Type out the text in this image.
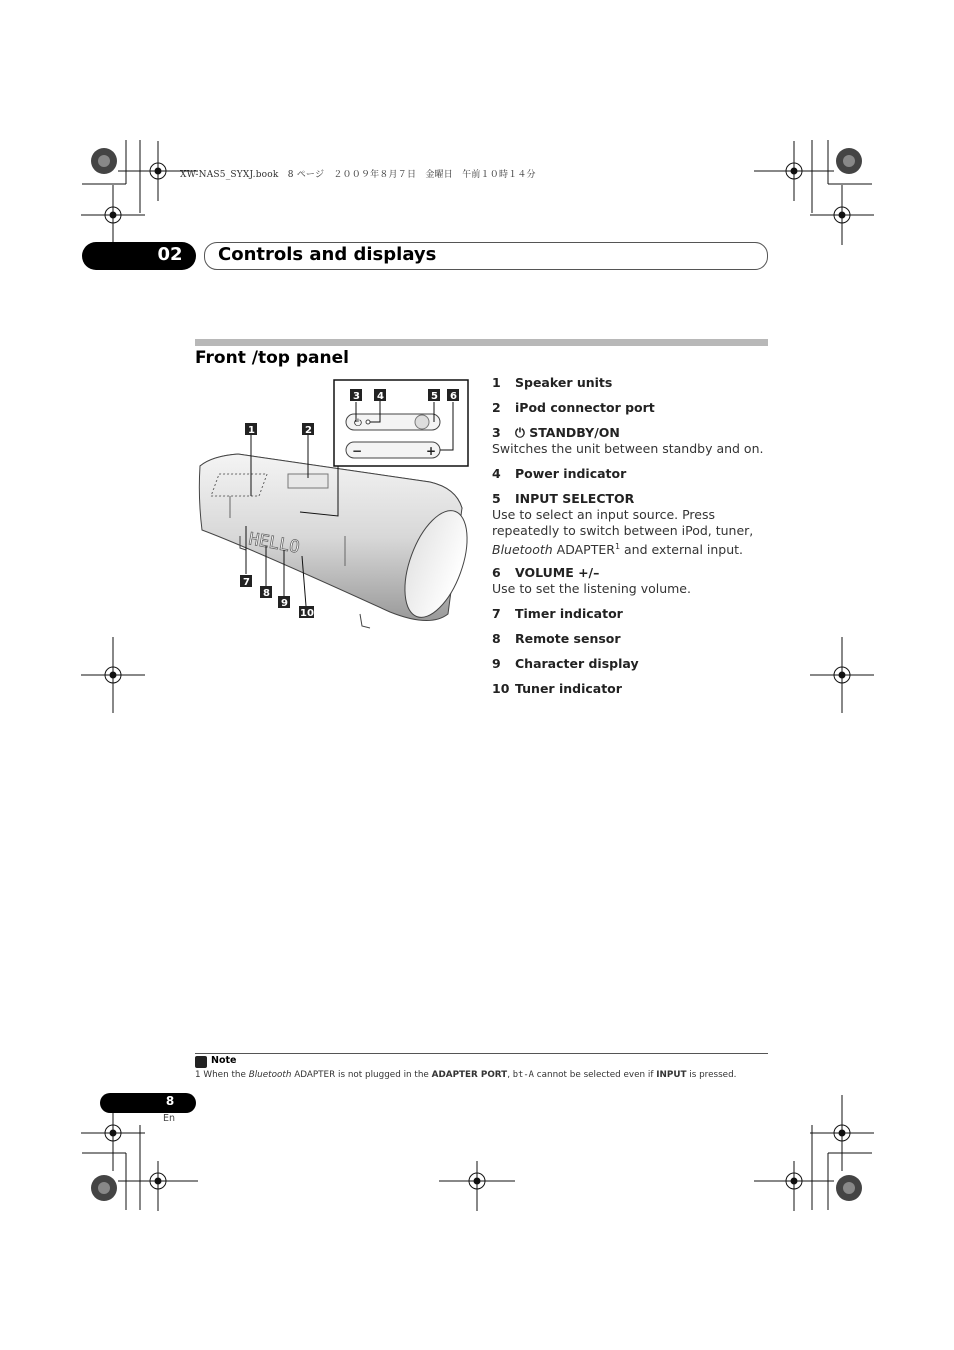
XW-NAS5_SYXJ.book　8 ページ　２００９年８月７日　金曜日　午前１０時１４分
02	Controls and displays
Front /top panel
HELLO
⏻
−	+
1	2
3 4	5 6
7
8
9
10
1 Speaker units
2 iPod connector port
3 ⏻ STANDBY/ON
Switches the unit between standby and on.
4 Power indicator
5 INPUT SELECTOR
Use to select an input source. Press repeatedly to switch between iPod, tuner, Bluetooth ADAPTER$^1$ and external input.
6 VOLUME +/–
Use to set the listening volume.
7 Timer indicator
8 Remote sensor
9 Character display
10 Tuner indicator
Note
1 When the Bluetooth ADAPTER is not plugged in the ADAPTER PORT, bt-A cannot be selected even if INPUT is pressed.
8
En
